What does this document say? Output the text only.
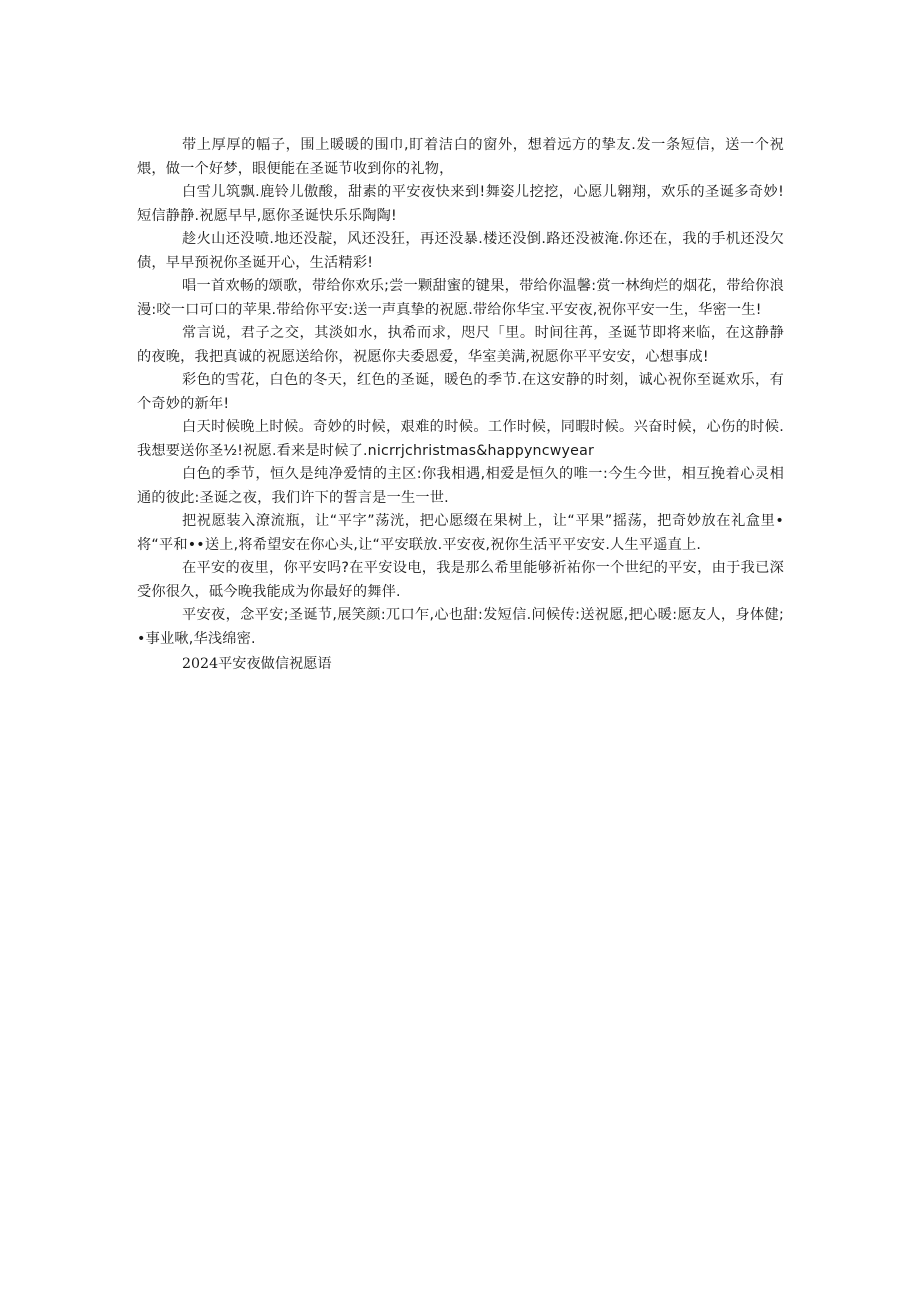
带上厚厚的幅子，围上暖暖的围巾,盯着洁白的窗外，想着远方的挚友.发一条短信，送一个祝煨，做一个好梦，眼便能在圣诞节收到你的礼物，

白雪儿筑飘.鹿铃儿傲酸，甜素的平安夜快来到!舞姿儿挖挖，心愿儿翱翔，欢乐的圣诞多奇妙!短信静静.祝愿早早,愿你圣诞快乐乐陶陶!

趁火山还没喷.地还没靛，风还没狂，再还没暴.楼还没倒.路还没被淹.你还在，我的手机还没欠债，早早预祝你圣诞开心，生活精彩!

唱一首欢畅的颂歌，带给你欢乐;尝一颗甜蜜的键果，带给你温馨:赏一林绚烂的烟花，带给你浪漫:咬一口可口的苹果.带给你平安:送一声真挚的祝愿.带给你华宝.平安夜,祝你平安一生，华密一生!

常言说，君子之交，其淡如水，执希而求，咫尺「里。时间往苒，圣诞节即将来临，在这静静的夜晚，我把真诚的祝愿送给你，祝愿你夫委恩爱，华室美满,祝愿你平平安安，心想事成!

彩色的雪花，白色的冬天，红色的圣诞，暖色的季节.在这安静的时刻，诚心祝你至诞欢乐，有个奇妙的新年!

白天时候晚上时候。奇妙的时候，艰难的时候。工作时候，同暇时候。兴奋时候，心伤的时候.我想要送你圣½!祝愿.看来是时候了.nicrrjchristmas&happyncwyear

白色的季节，恒久是纯净爱情的主区:你我相遇,相爱是恒久的唯一:今生今世，相互挽着心灵相通的彼此:圣诞之夜，我们许下的誓言是一生一世.

把祝愿装入潦流瓶，让“平字”荡洸，把心愿缀在果树上，让“平果”摇荡，把奇妙放在礼盒里•将“平和••送上,将希望安在你心头,让“平安联放.平安夜,祝你生活平平安安.人生平遥直上.

在平安的夜里，你平安吗?在平安设电，我是那么希里能够祈祐你一个世纪的平安，由于我已深受你很久，砥今晚我能成为你最好的舞伴.

平安夜，念平安;圣诞节,展笑颜:兀口乍,心也甜:发短信.问候传:送祝愿,把心暖:愿友人，身体健;•事业啾,华浅绵密.

2024平安夜做信祝愿语
